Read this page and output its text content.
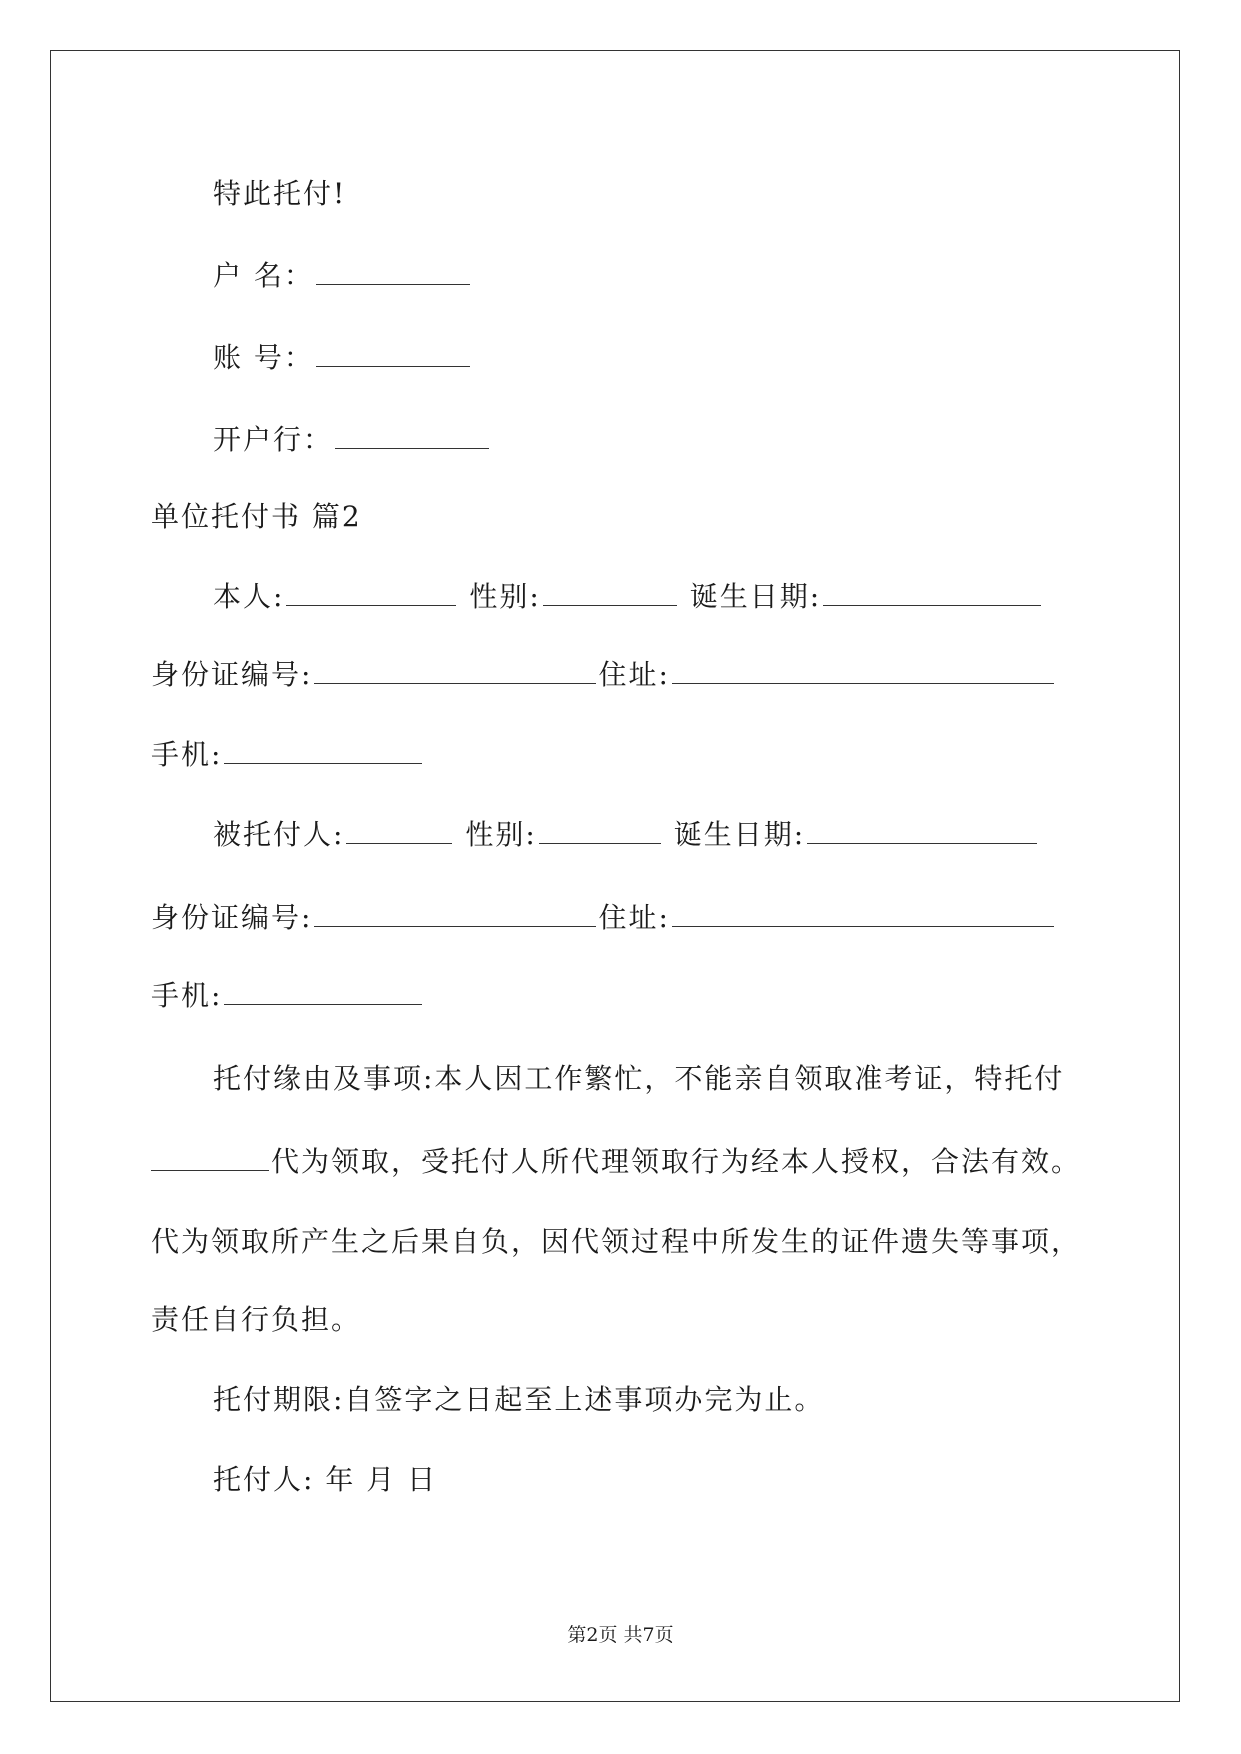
特此托付!
户 名：
账 号：
开户行：
单位托付书 篇2
本人:	性别:	诞生日期:
身份证编号:	住址:
手机:
被托付人:	性别:	诞生日期:
身份证编号:	住址:
手机:
托付缘由及事项:本人因工作繁忙，不能亲自领取准考证，特托付
代为领取，受托付人所代理领取行为经本人授权，合法有效。
代为领取所产生之后果自负，因代领过程中所发生的证件遗失等事项，
责任自行负担。
托付期限:自签字之日起至上述事项办完为止。
托付人: 年 月 日
第2页 共7页
